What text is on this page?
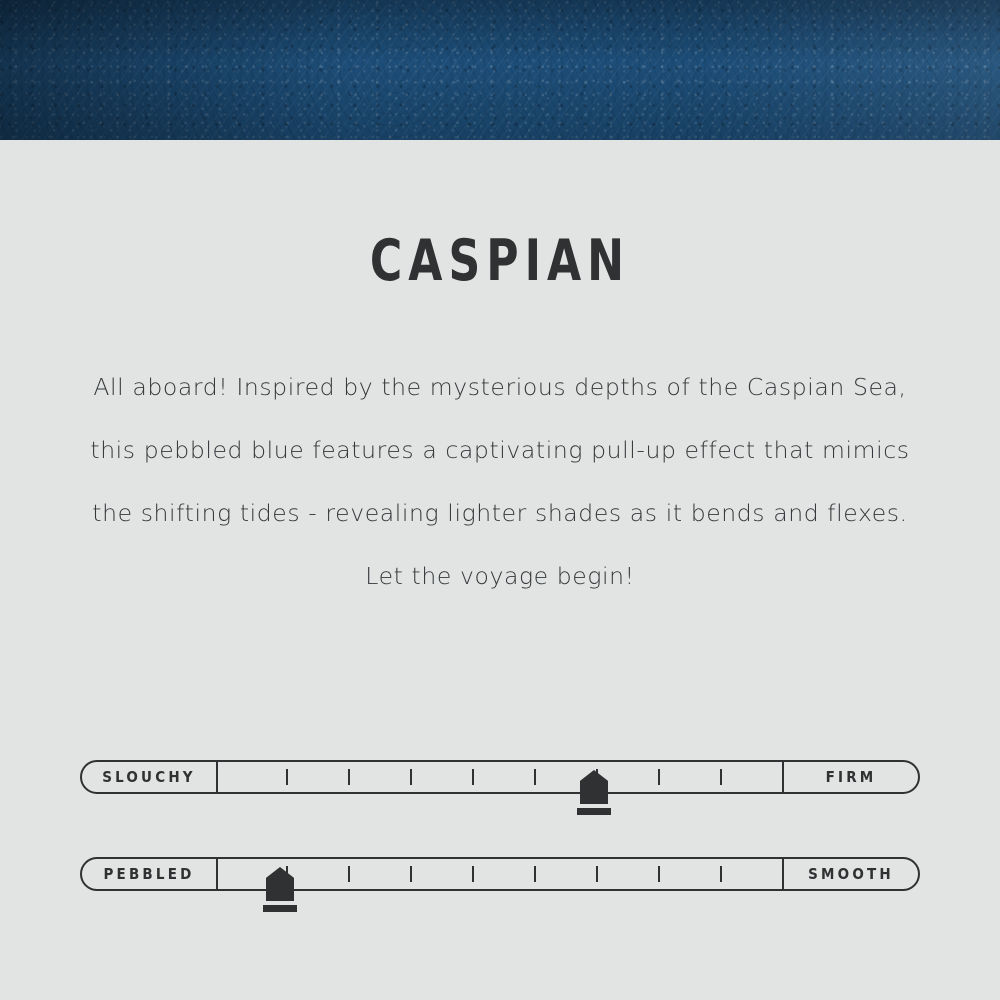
CASPIAN
All aboard! Inspired by the mysterious depths of the Caspian Sea,
this pebbled blue features a captivating pull-up effect that mimics
the shifting tides - revealing lighter shades as it bends and flexes.
Let the voyage begin!
SLOUCHY	FIRM
PEBBLED	SMOOTH
